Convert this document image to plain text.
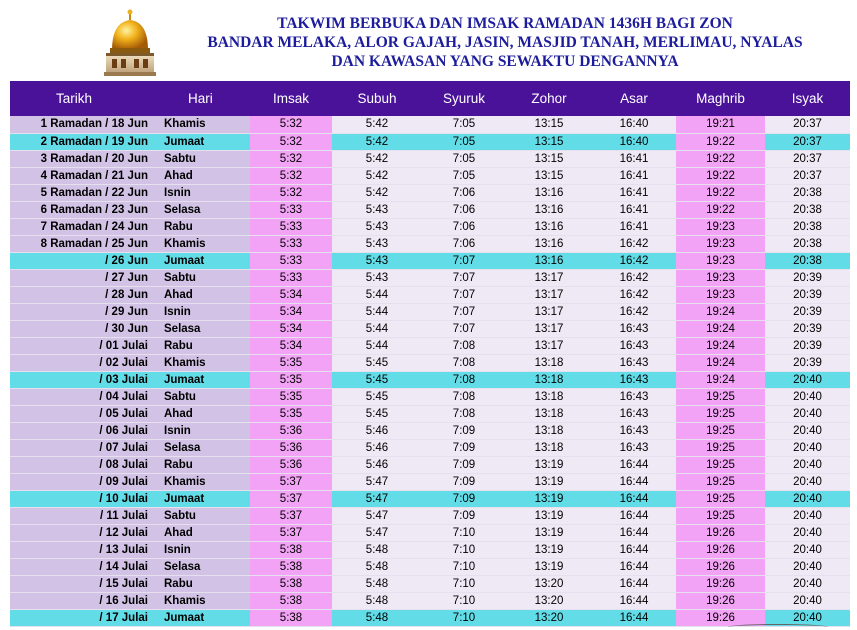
TAKWIM BERBUKA DAN IMSAK RAMADAN 1436H BAGI ZON
BANDAR MELAKA, ALOR GAJAH, JASIN, MASJID TANAH, MERLIMAU, NYALAS
DAN KAWASAN YANG SEWAKTU DENGANNYA
Tarikh	Hari	Imsak	Subuh	Syuruk	Zohor	Asar	Maghrib	Isyak
1 Ramadan / 18 Jun	Khamis	5:32	5:42	7:05	13:15	16:40	19:21	20:37
2 Ramadan / 19 Jun	Jumaat	5:32	5:42	7:05	13:15	16:40	19:22	20:37
3 Ramadan / 20 Jun	Sabtu	5:32	5:42	7:05	13:15	16:41	19:22	20:37
4 Ramadan / 21 Jun	Ahad	5:32	5:42	7:05	13:15	16:41	19:22	20:37
5 Ramadan / 22 Jun	Isnin	5:32	5:42	7:06	13:16	16:41	19:22	20:38
6 Ramadan / 23 Jun	Selasa	5:33	5:43	7:06	13:16	16:41	19:22	20:38
7 Ramadan / 24 Jun	Rabu	5:33	5:43	7:06	13:16	16:41	19:23	20:38
8 Ramadan / 25 Jun	Khamis	5:33	5:43	7:06	13:16	16:42	19:23	20:38
/ 26 Jun	Jumaat	5:33	5:43	7:07	13:16	16:42	19:23	20:38
/ 27 Jun	Sabtu	5:33	5:43	7:07	13:17	16:42	19:23	20:39
/ 28 Jun	Ahad	5:34	5:44	7:07	13:17	16:42	19:23	20:39
/ 29 Jun	Isnin	5:34	5:44	7:07	13:17	16:42	19:24	20:39
/ 30 Jun	Selasa	5:34	5:44	7:07	13:17	16:43	19:24	20:39
/ 01 Julai	Rabu	5:34	5:44	7:08	13:17	16:43	19:24	20:39
/ 02 Julai	Khamis	5:35	5:45	7:08	13:18	16:43	19:24	20:39
/ 03 Julai	Jumaat	5:35	5:45	7:08	13:18	16:43	19:24	20:40
/ 04 Julai	Sabtu	5:35	5:45	7:08	13:18	16:43	19:25	20:40
/ 05 Julai	Ahad	5:35	5:45	7:08	13:18	16:43	19:25	20:40
/ 06 Julai	Isnin	5:36	5:46	7:09	13:18	16:43	19:25	20:40
/ 07 Julai	Selasa	5:36	5:46	7:09	13:18	16:43	19:25	20:40
/ 08 Julai	Rabu	5:36	5:46	7:09	13:19	16:44	19:25	20:40
/ 09 Julai	Khamis	5:37	5:47	7:09	13:19	16:44	19:25	20:40
/ 10 Julai	Jumaat	5:37	5:47	7:09	13:19	16:44	19:25	20:40
/ 11 Julai	Sabtu	5:37	5:47	7:09	13:19	16:44	19:25	20:40
/ 12 Julai	Ahad	5:37	5:47	7:10	13:19	16:44	19:26	20:40
/ 13 Julai	Isnin	5:38	5:48	7:10	13:19	16:44	19:26	20:40
/ 14 Julai	Selasa	5:38	5:48	7:10	13:19	16:44	19:26	20:40
/ 15 Julai	Rabu	5:38	5:48	7:10	13:20	16:44	19:26	20:40
/ 16 Julai	Khamis	5:38	5:48	7:10	13:20	16:44	19:26	20:40
/ 17 Julai	Jumaat	5:38	5:48	7:10	13:20	16:44	19:26	20:40
